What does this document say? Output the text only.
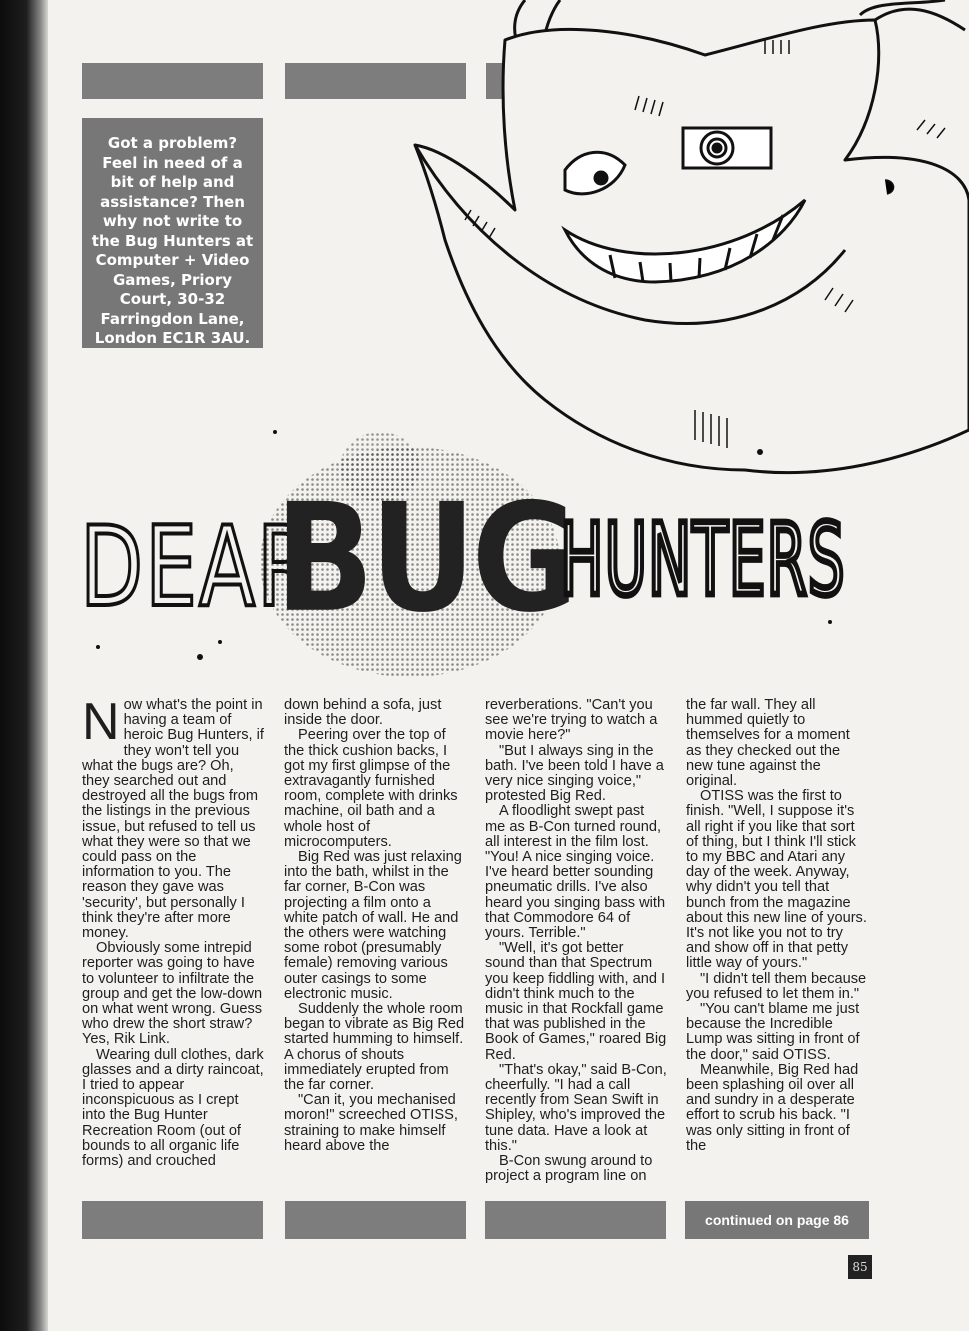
Got a problem?
Feel in need of a
bit of help and
assistance? Then
why not write to
the Bug Hunters at
Computer + Video
Games, Priory
Court, 30-32
Farringdon Lane,
London EC1R 3AU.
DEAR
BUG
HUNTERS

Now what's the point in having a team of heroic Bug Hunters, if they won't tell you what the bugs are? Oh, they searched out and destroyed all the bugs from the listings in the previous issue, but refused to tell us what they were so that we could pass on the information to you. The reason they gave was 'security', but personally I think they're after more money.

Obviously some intrepid reporter was going to have to volunteer to infiltrate the group and get the low-down on what went wrong. Guess who drew the short straw? Yes, Rik Link.

Wearing dull clothes, dark glasses and a dirty raincoat, I tried to appear inconspicuous as I crept into the Bug Hunter Recreation Room (out of bounds to all organic life forms) and crouched

down behind a sofa, just inside the door.

Peering over the top of the thick cushion backs, I got my first glimpse of the extravagantly furnished room, complete with drinks machine, oil bath and a whole host of microcomputers.

Big Red was just relaxing into the bath, whilst in the far corner, B-Con was projecting a film onto a white patch of wall. He and the others were watching some robot (presumably female) removing various outer casings to some electronic music.

Suddenly the whole room began to vibrate as Big Red started humming to himself. A chorus of shouts immediately erupted from the far corner.

"Can it, you mechanised moron!" screeched OTISS, straining to make himself heard above the

reverberations. "Can't you see we're trying to watch a movie here?"

"But I always sing in the bath. I've been told I have a very nice singing voice," protested Big Red.

A floodlight swept past me as B-Con turned round, all interest in the film lost. "You! A nice singing voice. I've heard better sounding pneumatic drills. I've also heard you singing bass with that Commodore 64 of yours. Terrible."

"Well, it's got better sound than that Spectrum you keep fiddling with, and I didn't think much to the music in that Rockfall game that was published in the Book of Games," roared Big Red.

"That's okay," said B-Con, cheerfully. "I had a call recently from Sean Swift in Shipley, who's improved the tune data. Have a look at this."

B-Con swung around to project a program line on

the far wall. They all hummed quietly to themselves for a moment as they checked out the new tune against the original.

OTISS was the first to finish. "Well, I suppose it's all right if you like that sort of thing, but I think I'll stick to my BBC and Atari any day of the week. Anyway, why didn't you tell that bunch from the magazine about this new line of yours. It's not like you not to try and show off in that petty little way of yours."

"I didn't tell them because you refused to let them in."

"You can't blame me just because the Incredible Lump was sitting in front of the door," said OTISS.

Meanwhile, Big Red had been splashing oil over all and sundry in a desperate effort to scrub his back. "I was only sitting in front of the

continued on page 86
85
